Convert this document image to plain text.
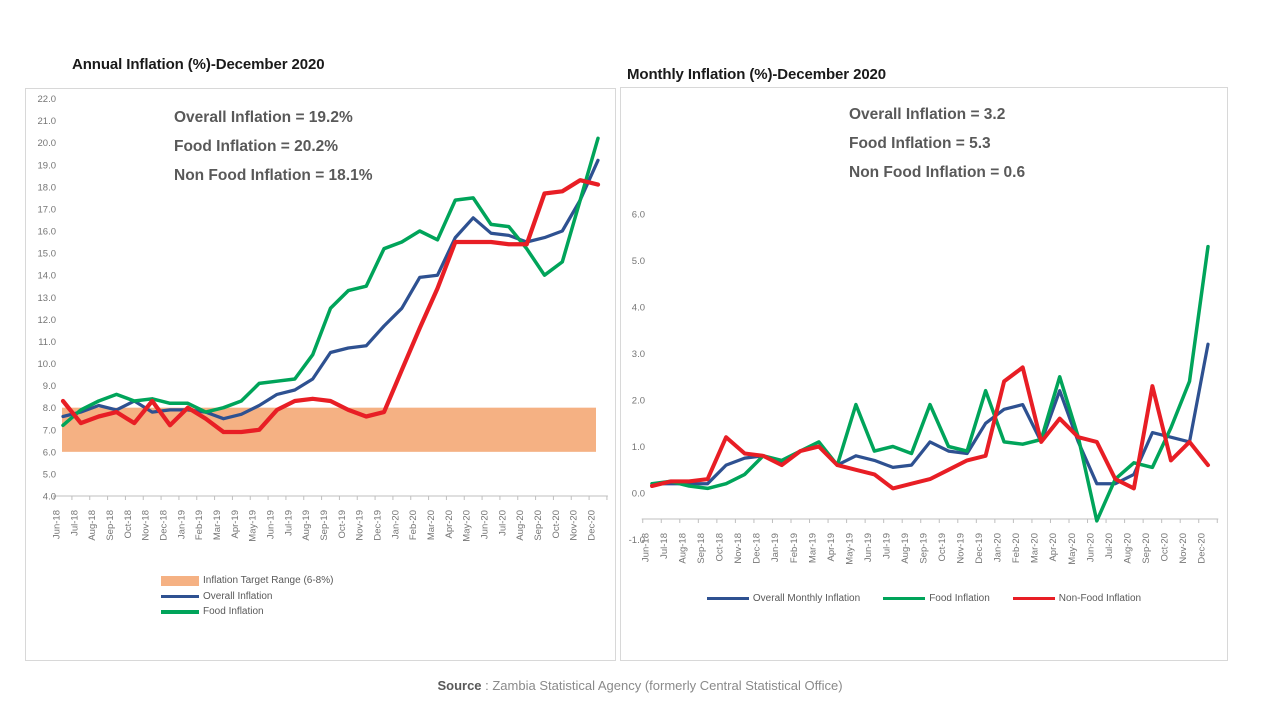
Annual Inflation (%)-December 2020
Monthly Inflation (%)-December 2020
22.0
21.0
20.0
19.0
18.0
17.0
16.0
15.0
14.0
13.0
12.0
11.0
10.0
9.0
8.0
7.0
6.0
5.0
4.0
Jun-18 Jul-18 Aug-18 Sep-18 Oct-18 Nov-18 Dec-18 Jan-19 Feb-19 Mar-19 Apr-19 May-19 Jun-19 Jul-19 Aug-19 Sep-19 Oct-19 Nov-19 Dec-19 Jan-20 Feb-20 Mar-20 Apr-20 May-20 Jun-20 Jul-20 Aug-20 Sep-20 Oct-20 Nov-20 Dec-20
Overall Inflation = 19.2%
Food Inflation = 20.2%
Non Food Inflation = 18.1%
Inflation Target Range (6-8%)
Overall Inflation
Food Inflation
6.0
5.0
4.0
3.0
2.0
1.0
0.0
-1.0
Jun-18 Jul-18 Aug-18 Sep-18 Oct-18 Nov-18 Dec-18 Jan-19 Feb-19 Mar-19 Apr-19 May-19 Jun-19 Jul-19 Aug-19 Sep-19 Oct-19 Nov-19 Dec-19 Jan-20 Feb-20 Mar-20 Apr-20 May-20 Jun-20 Jul-20 Aug-20 Sep-20 Oct-20 Nov-20 Dec-20
Overall Inflation = 3.2
Food Inflation = 5.3
Non Food Inflation = 0.6
Overall Monthly Inflation	Food Inflation	Non-Food Inflation
Source : Zambia Statistical Agency (formerly Central Statistical Office)
